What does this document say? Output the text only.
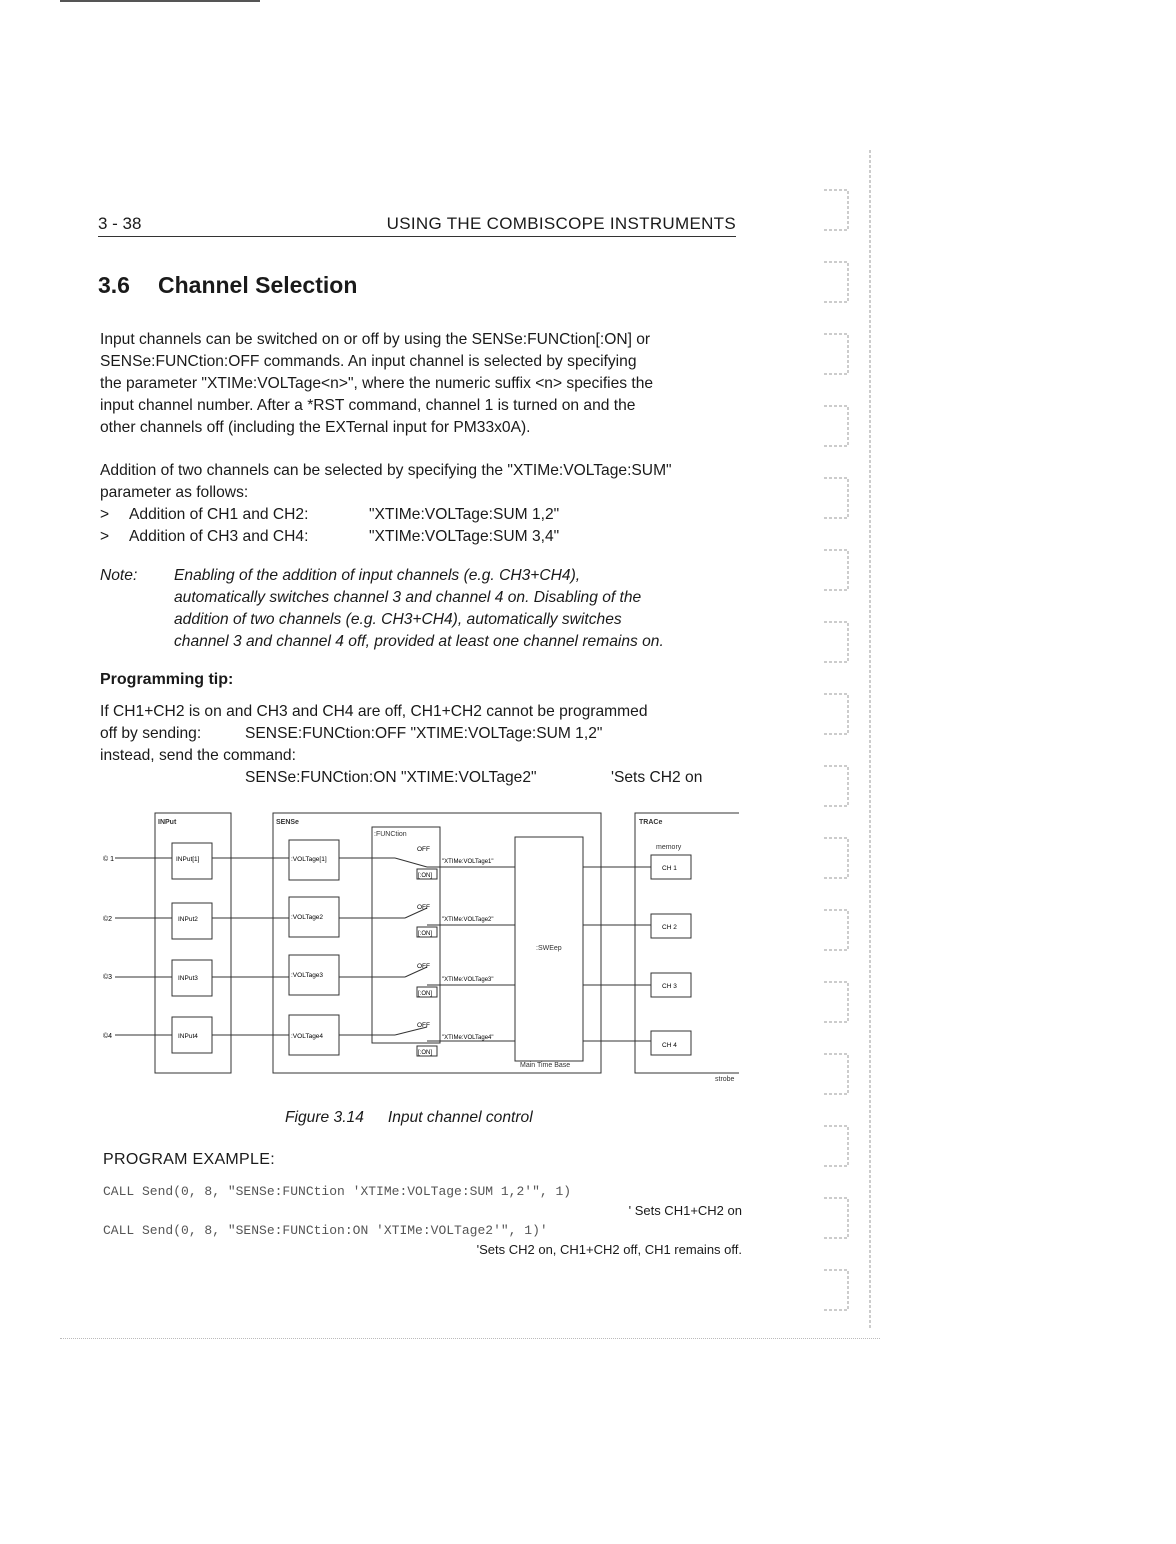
3 - 38	USING THE COMBISCOPE INSTRUMENTS
3.6 Channel Selection
Input channels can be switched on or off by using the SENSe:FUNCtion[:ON] or
SENSe:FUNCtion:OFF commands. An input channel is selected by specifying
the parameter "XTIMe:VOLTage<n>", where the numeric suffix <n> specifies the
input channel number. After a *RST command, channel 1 is turned on and the
other channels off (including the EXTernal input for PM33x0A).
Addition of two channels can be selected by specifying the "XTIMe:VOLTage:SUM"
parameter as follows:
> Addition of CH1 and CH2:	"XTIMe:VOLTage:SUM 1,2"
> Addition of CH3 and CH4:	"XTIMe:VOLTage:SUM 3,4"
Note: Enabling of the addition of input channels (e.g. CH3+CH4),
automatically switches channel 3 and channel 4 on. Disabling of the
addition of two channels (e.g. CH3+CH4), automatically switches
channel 3 and channel 4 off, provided at least one channel remains on.
Programming tip:
If CH1+CH2 is on and CH3 and CH4 are off, CH1+CH2 cannot be programmed
off by sending:	SENSE:FUNCtion:OFF "XTIME:VOLTage:SUM 1,2"
instead, send the command:
SENSe:FUNCtion:ON "XTIME:VOLTage2"	'Sets CH2 on
INPut	SENSe
:FUNCtion
:SWEep
Main Time Base
TRACe
memory
strobe
© 1	INPut[1]	:VOLTage[1]
OFF
[:ON]
"XTIMe:VOLTage1"
CH 1
©2	INPut2	:VOLTage2
OFF
[:ON]
"XTIMe:VOLTage2"
CH 2
©3	INPut3	:VOLTage3
OFF
[:ON]
"XTIMe:VOLTage3"
CH 3
©4	INPut4	:VOLTage4
OFF
[:ON]
"XTIMe:VOLTage4"
CH 4
Figure 3.14 Input channel control
PROGRAM EXAMPLE:
CALL Send(0, 8, "SENSe:FUNCtion 'XTIMe:VOLTage:SUM 1,2'", 1)
' Sets CH1+CH2 on
CALL Send(0, 8, "SENSe:FUNCtion:ON 'XTIMe:VOLTage2'", 1)'
'Sets CH2 on, CH1+CH2 off, CH1 remains off.
